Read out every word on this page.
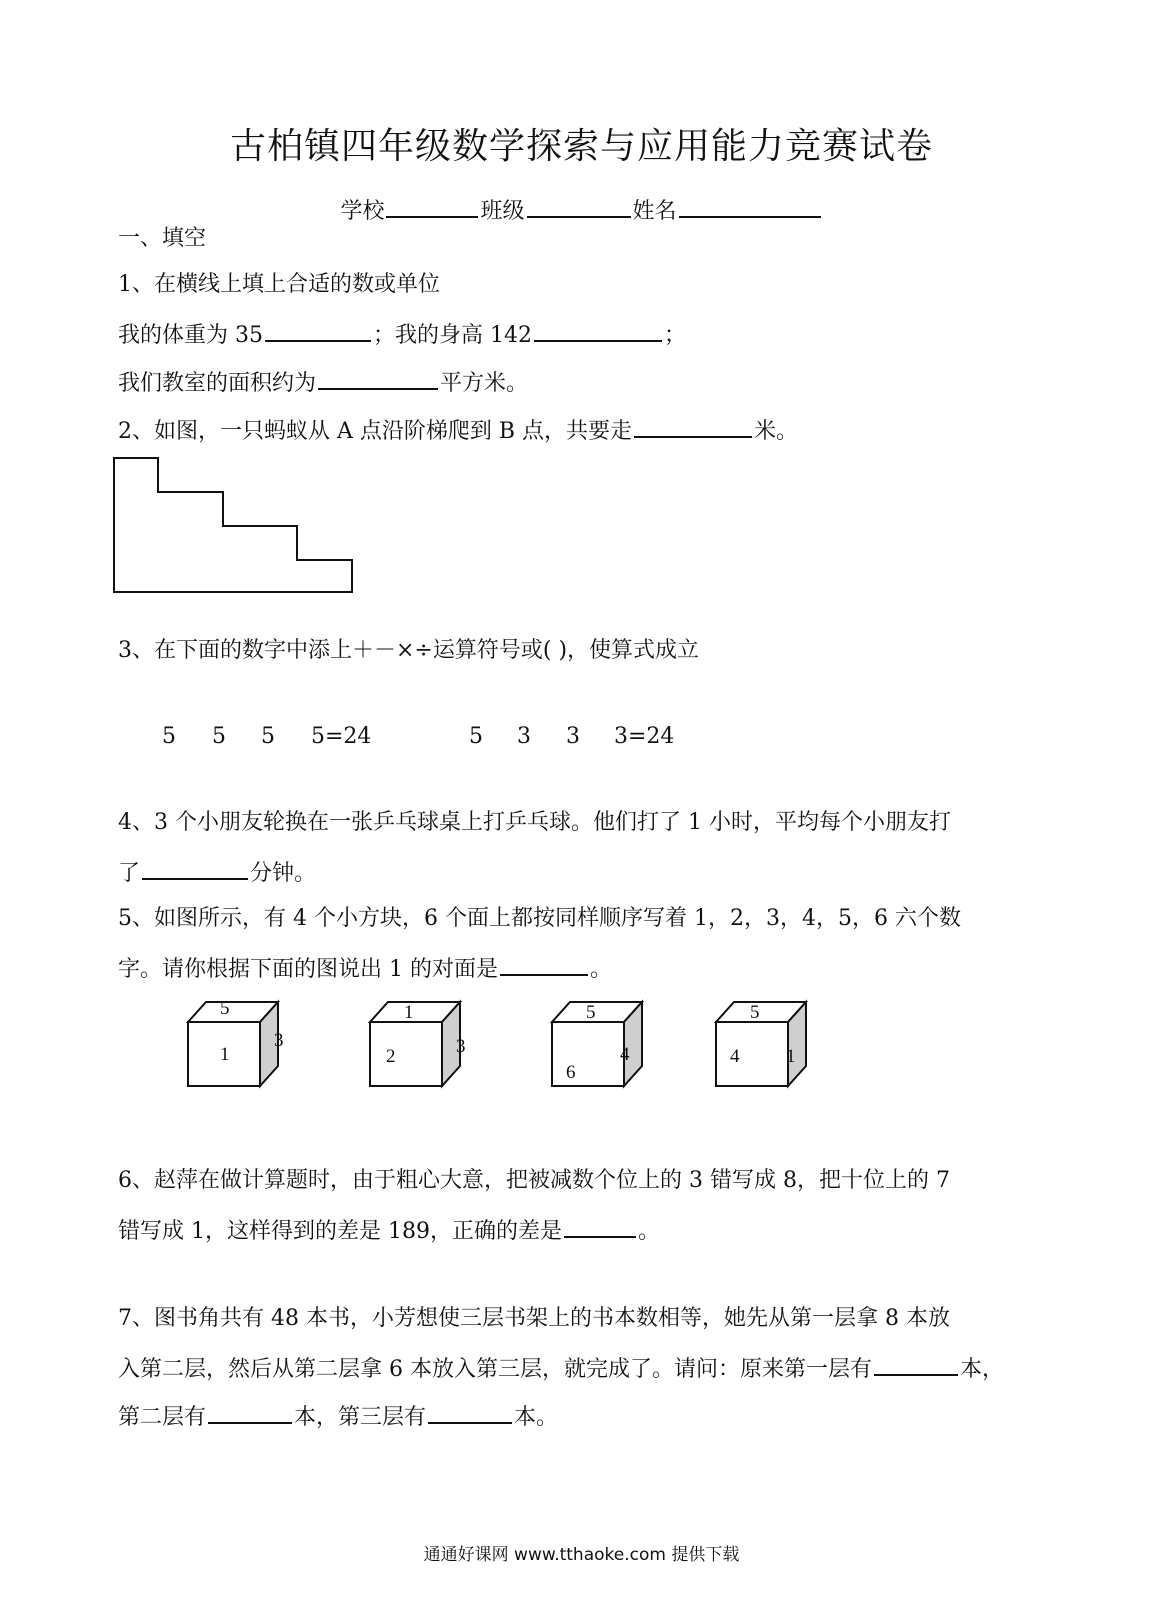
古柏镇四年级数学探索与应用能力竞赛试卷
学校	班级	姓名
一、填空
1、在横线上填上合适的数或单位
我的体重为 35	；我的身高 142	；
我们教室的面积约为	平方米。
2、如图，一只蚂蚁从 A 点沿阶梯爬到 B 点，共要走	米。
3、在下面的数字中添上＋－×÷运算符号或( )，使算式成立
5 5 5 5=24	5 3 3 3=24
4、3 个小朋友轮换在一张乒乓球桌上打乒乓球。他们打了 1 小时，平均每个小朋友打
了	分钟。
5、如图所示，有 4 个小方块，6 个面上都按同样顺序写着 1，2，3，4，5，6 六个数
字。请你根据下面的图说出 1 的对面是	。
5
1
3
1
2	3
5
6
4
5
4 1
6、赵萍在做计算题时，由于粗心大意，把被减数个位上的 3 错写成 8，把十位上的 7
错写成 1，这样得到的差是 189，正确的差是	。
7、图书角共有 48 本书，小芳想使三层书架上的书本数相等，她先从第一层拿 8 本放
入第二层，然后从第二层拿 6 本放入第三层，就完成了。请问：原来第一层有	本，
第二层有	本，第三层有	本。
通通好课网 www.tthaoke.com 提供下载
